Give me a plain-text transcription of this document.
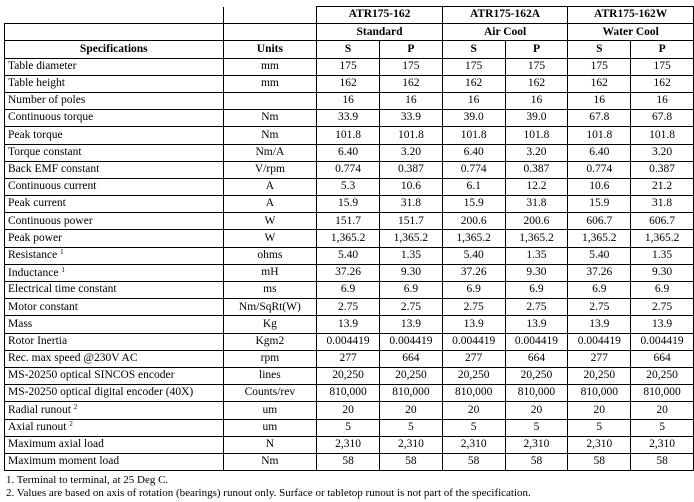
		ATR175-162		ATR175-162A		ATR175-162W	
		Standard		Air Cool		Water Cool	
Specifications	Units	S	P	S	P	S	P
Table diameter	mm	175	175	175	175	175	175
Table height	mm	162	162	162	162	162	162
Number of poles		16	16	16	16	16	16
Continuous torque	Nm	33.9	33.9	39.0	39.0	67.8	67.8
Peak torque	Nm	101.8	101.8	101.8	101.8	101.8	101.8
Torque constant	Nm/A	6.40	3.20	6.40	3.20	6.40	3.20
Back EMF constant	V/rpm	0.774	0.387	0.774	0.387	0.774	0.387
Continuous current	A	5.3	10.6	6.1	12.2	10.6	21.2
Peak current	A	15.9	31.8	15.9	31.8	15.9	31.8
Continuous power	W	151.7	151.7	200.6	200.6	606.7	606.7
Peak power	W	1,365.2	1,365.2	1,365.2	1,365.2	1,365.2	1,365.2
Resistance $^1$	ohms	5.40	1.35	5.40	1.35	5.40	1.35
Inductance $^1$	mH	37.26	9.30	37.26	9.30	37.26	9.30
Electrical time constant	ms	6.9	6.9	6.9	6.9	6.9	6.9
Motor constant	Nm/SqRt(W)	2.75	2.75	2.75	2.75	2.75	2.75
Mass	Kg	13.9	13.9	13.9	13.9	13.9	13.9
Rotor Inertia	Kgm2	0.004419	0.004419	0.004419	0.004419	0.004419	0.004419
Rec. max speed @230V AC	rpm	277	664	277	664	277	664
MS-20250 optical SINCOS encoder	lines	20,250	20,250	20,250	20,250	20,250	20,250
MS-20250 optical digital encoder (40X)	Counts/rev	810,000	810,000	810,000	810,000	810,000	810,000
Radial runout $^2$	um	20	20	20	20	20	20
Axial runout $^2$	um	5	5	5	5	5	5
Maximum axial load	N	2,310	2,310	2,310	2,310	2,310	2,310
Maximum moment load	Nm	58	58	58	58	58	58
1. Terminal to terminal, at 25 Deg C.
2. Values are based on axis of rotation (bearings) runout only. Surface or tabletop runout is not part of the specification.
